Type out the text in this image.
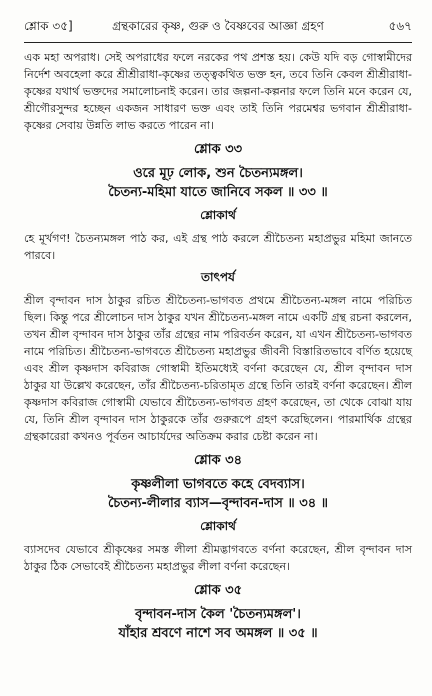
শ্লোক ৩৫]	গ্রন্থকারের কৃষ্ণ, গুরু ও বৈষ্ণবের আজ্ঞা গ্রহণ	৫৬৭

এক মহা অপরাধ। সেই অপরাধের ফলে নরকের পথ প্রশস্ত হয়। কেউ যদি বড় গোস্বামীদের নির্দেশ অবহেলা করে শ্রীশ্রীরাধা-কৃষ্ণের তত্ত্বকথিত ভক্ত হন, তবে তিনি কেবল শ্রীশ্রীরাধা-কৃষ্ণের যথার্থ ভক্তদের সমালোচনাই করেন। তার জল্পনা-কল্পনার ফলে তিনি মনে করেন যে, শ্রীগৌরসুন্দর হচ্ছেন একজন সাধারণ ভক্ত এবং তাই তিনি পরমেশ্বর ভগবান শ্রীশ্রীরাধা-কৃষ্ণের সেবায় উন্নতি লাভ করতে পারেন না।

শ্লোক ৩৩
ওরে মূঢ় লোক, শুন চৈতন্যমঙ্গল।
চৈতন্য-মহিমা যাতে জানিবে সকল ॥ ৩৩ ॥
শ্লোকার্থ

হে মূর্খগণ! চৈতন্যমঙ্গল পাঠ কর, এই গ্রন্থ পাঠ করলে শ্রীচৈতন্য মহাপ্রভুর মহিমা জানতে পারবে।

তাৎপর্য

শ্রীল বৃন্দাবন দাস ঠাকুর রচিত শ্রীচৈতন্য-ভাগবত প্রথমে শ্রীচৈতন্য-মঙ্গল নামে পরিচিত ছিল। কিন্তু পরে শ্রীলোচন দাস ঠাকুর যখন শ্রীচৈতন্য-মঙ্গল নামে একটি গ্রন্থ রচনা করলেন, তখন শ্রীল বৃন্দাবন দাস ঠাকুর তাঁর গ্রন্থের নাম পরিবর্তন করেন, যা এখন শ্রীচৈতন্য-ভাগবত নামে পরিচিত। শ্রীচৈতন্য-ভাগবতে শ্রীচৈতন্য মহাপ্রভুর জীবনী বিস্তারিতভাবে বর্ণিত হয়েছে এবং শ্রীল কৃষ্ণদাস কবিরাজ গোস্বামী ইতিমধ্যেই বর্ণনা করেছেন যে, শ্রীল বৃন্দাবন দাস ঠাকুর যা উল্লেখ করেছেন, তাঁর শ্রীচৈতন্য-চরিতামৃত গ্রন্থে তিনি তারই বর্ণনা করেছেন। শ্রীল কৃষ্ণদাস কবিরাজ গোস্বামী যেভাবে শ্রীচৈতন্য-ভাগবত গ্রহণ করেছেন, তা থেকে বোঝা যায় যে, তিনি শ্রীল বৃন্দাবন দাস ঠাকুরকে তাঁর গুরুরূপে গ্রহণ করেছিলেন। পারমার্থিক গ্রন্থের গ্রন্থকারেরা কখনও পূর্বতন আচার্যদের অতিক্রম করার চেষ্টা করেন না।

শ্লোক ৩৪
কৃষ্ণলীলা ভাগবতে কহে বেদব্যাস।
চৈতন্য-লীলার ব্যাস—বৃন্দাবন-দাস ॥ ৩৪ ॥
শ্লোকার্থ

ব্যাসদেব যেভাবে শ্রীকৃষ্ণের সমস্ত লীলা শ্রীমদ্ভাগবতে বর্ণনা করেছেন, শ্রীল বৃন্দাবন দাস ঠাকুর ঠিক সেভাবেই শ্রীচৈতন্য মহাপ্রভুর লীলা বর্ণনা করেছেন।

শ্লোক ৩৫
বৃন্দাবন-দাস কৈল 'চৈতন্যমঙ্গল'।
যাঁহার শ্রবণে নাশে সব অমঙ্গল ॥ ৩৫ ॥
